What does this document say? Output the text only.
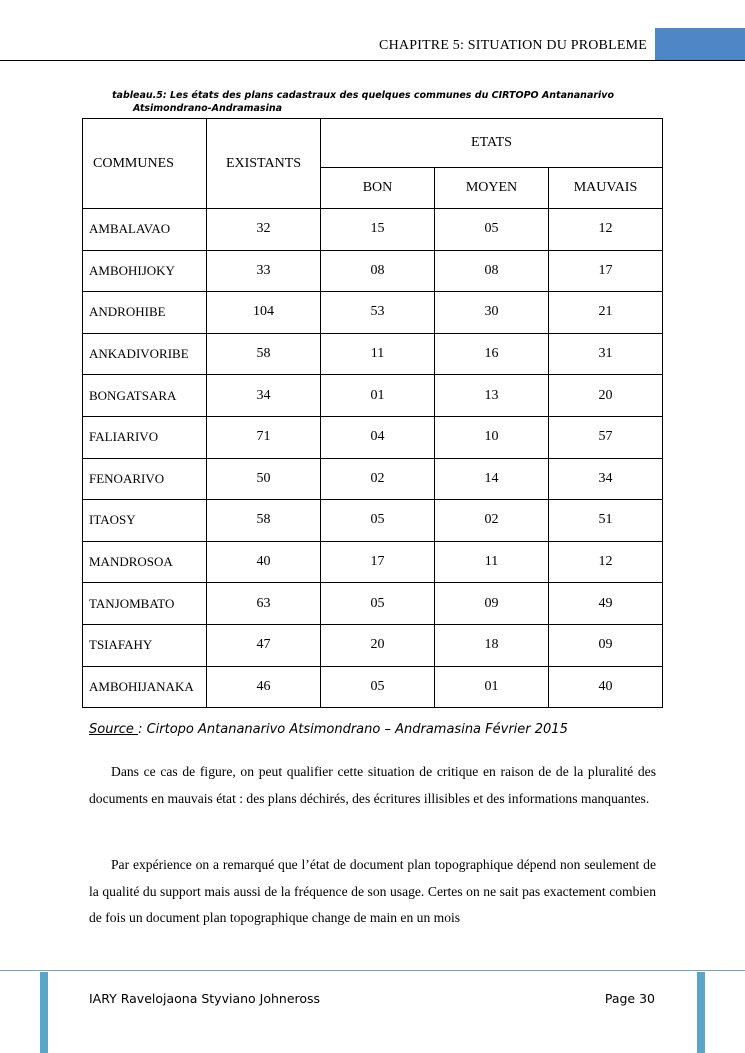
CHAPITRE 5: SITUATION DU PROBLEME
tableau.5: Les états des plans cadastraux des quelques communes du CIRTOPO Antananarivo
Atsimondrano-Andramasina
COMMUNES	EXISTANTS	ETATS		
		BON	MOYEN	MAUVAIS
AMBALAVAO	32	15	05	12
AMBOHIJOKY	33	08	08	17
ANDROHIBE	104	53	30	21
ANKADIVORIBE	58	11	16	31
BONGATSARA	34	01	13	20
FALIARIVO	71	04	10	57
FENOARIVO	50	02	14	34
ITAOSY	58	05	02	51
MANDROSOA	40	17	11	12
TANJOMBATO	63	05	09	49
TSIAFAHY	47	20	18	09
AMBOHIJANAKA	46	05	01	40
Source : Cirtopo Antananarivo Atsimondrano – Andramasina Février 2015
Dans ce cas de figure, on peut qualifier cette situation de critique en raison de de la pluralité des documents en mauvais état : des plans déchirés, des écritures illisibles et des informations manquantes.
Par expérience on a remarqué que l’état de document plan topographique dépend non seulement de la qualité du support mais aussi de la fréquence de son usage. Certes on ne sait pas exactement combien de fois un document plan topographique change de main en un mois
IARY Ravelojaona Styviano Johneross	Page 30
